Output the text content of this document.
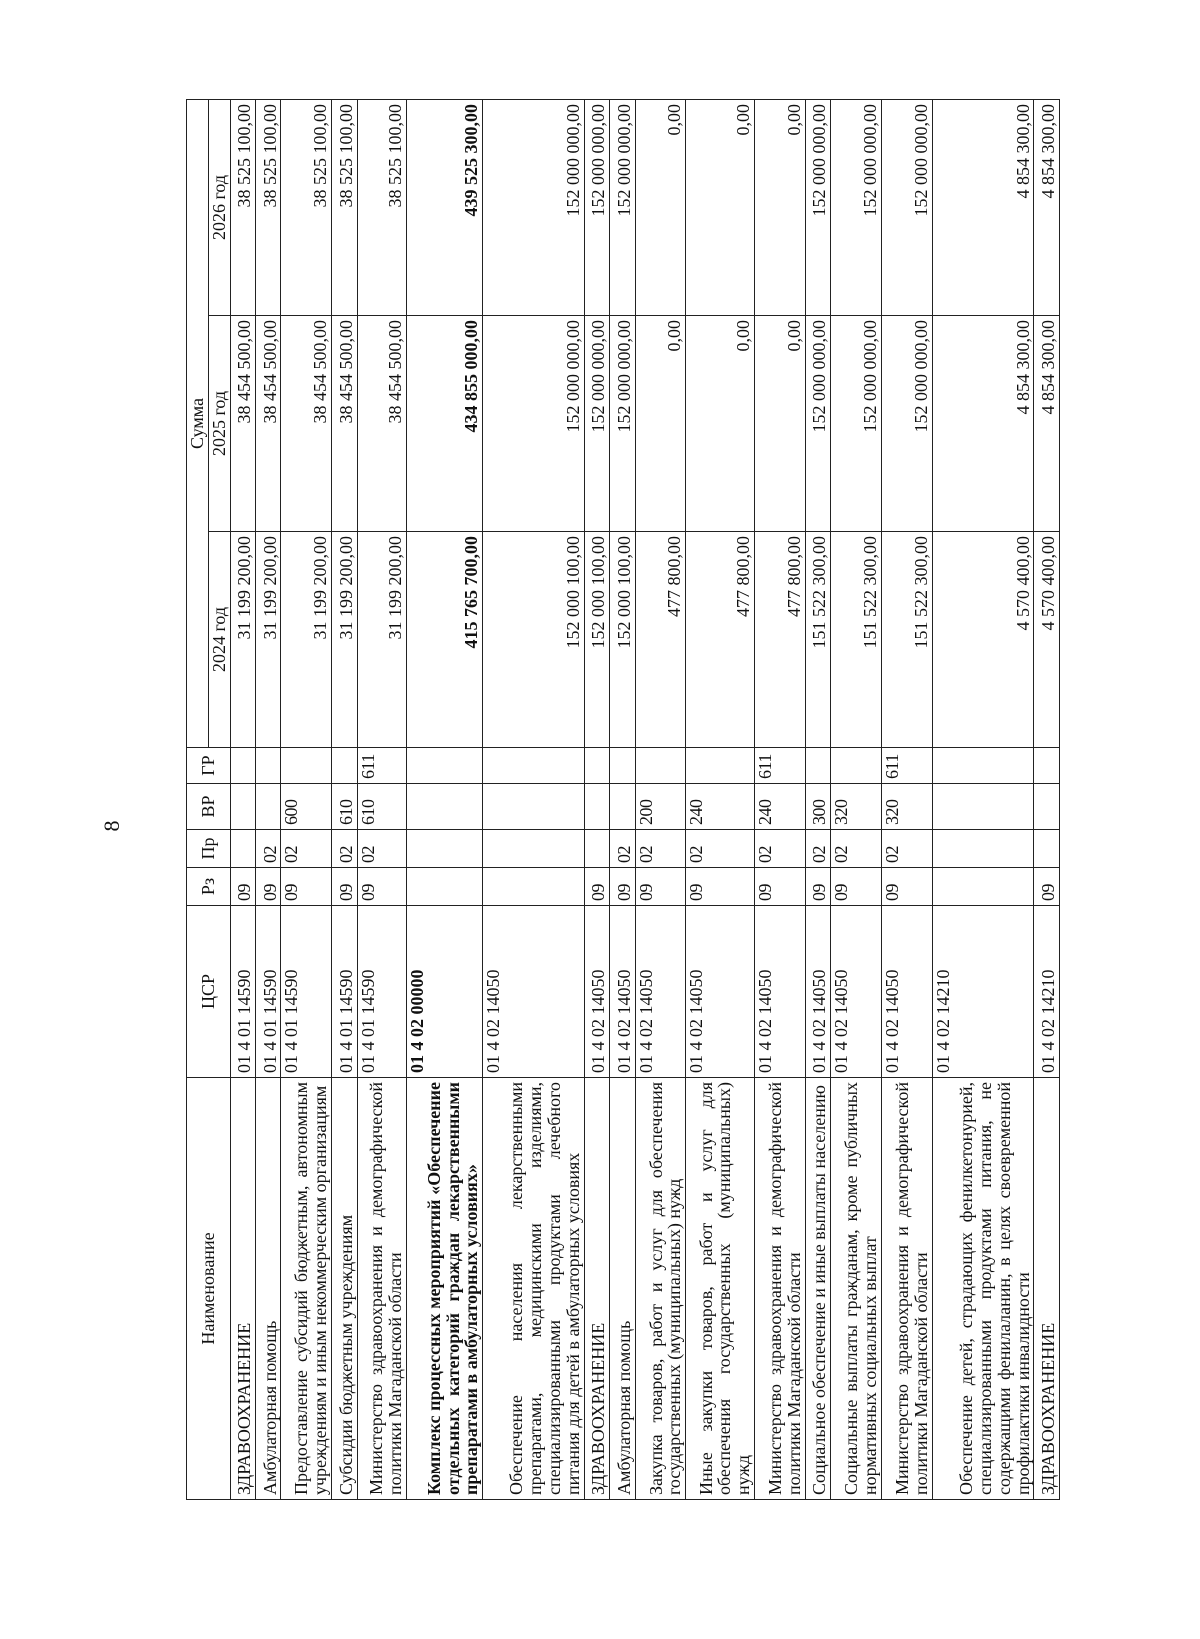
8
Наименование	ЦСР	Рз	Пр	ВР	ГР	Сумма		
						2024 год	2025 год	2026 год
ЗДРАВООХРАНЕНИЕ	01 4 01 14590	09				31 199 200,00	38 454 500,00	38 525 100,00
Амбулаторная помощь	01 4 01 14590	09	02			31 199 200,00	38 454 500,00	38 525 100,00
Предоставление субсидий бюджетным, автономным учреждениям и иным некоммерческим организациям	01 4 01 14590	09	02	600		31 199 200,00	38 454 500,00	38 525 100,00
Субсидии бюджетным учреждениям	01 4 01 14590	09	02	610		31 199 200,00	38 454 500,00	38 525 100,00
Министерство здравоохранения и демографической политики Магаданской области	01 4 01 14590	09	02	610	611	31 199 200,00	38 454 500,00	38 525 100,00
Комплекс процессных мероприятий «Обеспечение отдельных категорий граждан лекарственными препаратами в амбулаторных условиях»	01 4 02 00000					415 765 700,00	434 855 000,00	439 525 300,00
Обеспечение населения лекарственными препаратами, медицинскими изделиями, специализированными продуктами лечебного питания для детей в амбулаторных условиях	01 4 02 14050					152 000 100,00	152 000 000,00	152 000 000,00
ЗДРАВООХРАНЕНИЕ	01 4 02 14050	09				152 000 100,00	152 000 000,00	152 000 000,00
Амбулаторная помощь	01 4 02 14050	09	02			152 000 100,00	152 000 000,00	152 000 000,00
Закупка товаров, работ и услуг для обеспечения государственных (муниципальных) нужд	01 4 02 14050	09	02	200		477 800,00	0,00	0,00
Иные закупки товаров, работ и услуг для обеспечения государственных (муниципальных) нужд	01 4 02 14050	09	02	240		477 800,00	0,00	0,00
Министерство здравоохранения и демографической политики Магаданской области	01 4 02 14050	09	02	240	611	477 800,00	0,00	0,00
Социальное обеспечение и иные выплаты населению	01 4 02 14050	09	02	300		151 522 300,00	152 000 000,00	152 000 000,00
Социальные выплаты гражданам, кроме публичных нормативных социальных выплат	01 4 02 14050	09	02	320		151 522 300,00	152 000 000,00	152 000 000,00
Министерство здравоохранения и демографической политики Магаданской области	01 4 02 14050	09	02	320	611	151 522 300,00	152 000 000,00	152 000 000,00
Обеспечение детей, страдающих фенилкетонурией, специализированными продуктами питания, не содержащими фенилаланин, в целях своевременной профилактики инвалидности	01 4 02 14210					4 570 400,00	4 854 300,00	4 854 300,00
ЗДРАВООХРАНЕНИЕ	01 4 02 14210	09				4 570 400,00	4 854 300,00	4 854 300,00
